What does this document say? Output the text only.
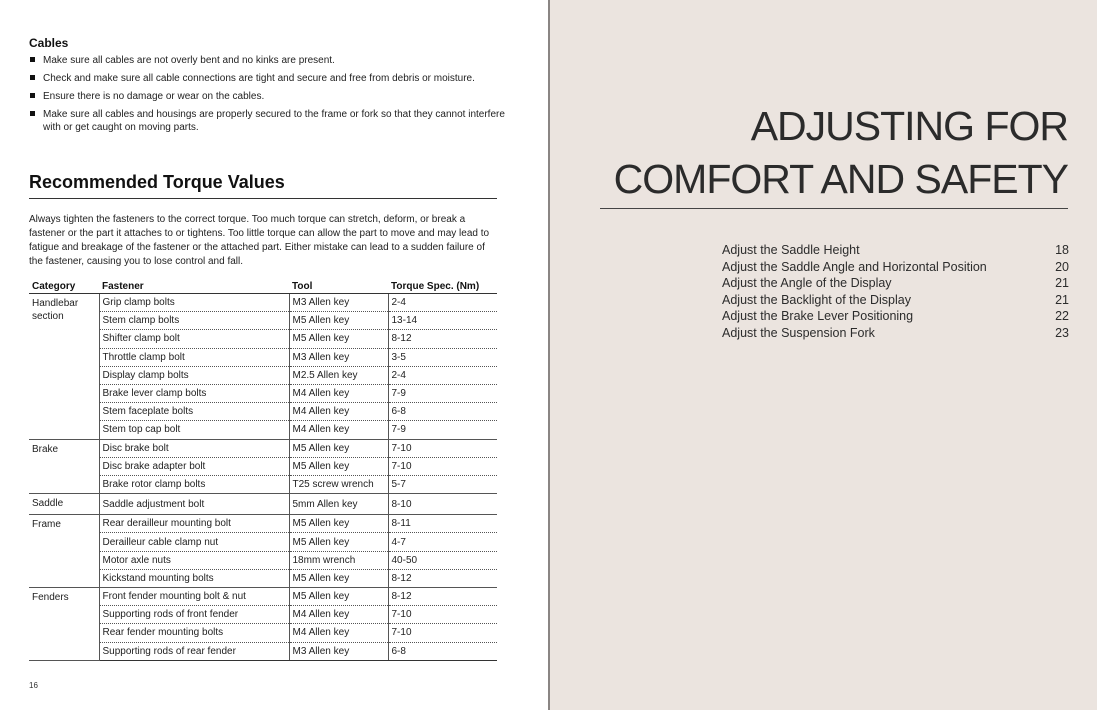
Cables
Make sure all cables are not overly bent and no kinks are present.
Check and make sure all cable connections are tight and secure and free from debris or moisture.
Ensure there is no damage or wear on the cables.
Make sure all cables and housings are properly secured to the frame or fork so that they cannot interfere with or get caught on moving parts.
Recommended Torque Values
Always tighten the fasteners to the correct torque. Too much torque can stretch, deform, or break a fastener or the part it attaches to or tightens. Too little torque can allow the part to move and may lead to fatigue and breakage of the fastener or the attached part. Either mistake can lead to a sudden failure of the fastener, causing you to lose control and fall.
Category	Fastener	Tool	Torque Spec. (Nm)
Handlebar section	Grip clamp bolts	M3 Allen key	2-4
	Stem clamp bolts	M5 Allen key	13-14
	Shifter clamp bolt	M5 Allen key	8-12
	Throttle clamp bolt	M3 Allen key	3-5
	Display clamp bolts	M2.5 Allen key	2-4
	Brake lever clamp bolts	M4 Allen key	7-9
	Stem faceplate bolts	M4 Allen key	6-8
	Stem top cap bolt	M4 Allen key	7-9
Brake	Disc brake bolt	M5 Allen key	7-10
	Disc brake adapter bolt	M5 Allen key	7-10
	Brake rotor clamp bolts	T25 screw wrench	5-7
Saddle	Saddle adjustment bolt	5mm Allen key	8-10
Frame	Rear derailleur mounting bolt	M5 Allen key	8-11
	Derailleur cable clamp nut	M5 Allen key	4-7
	Motor axle nuts	18mm wrench	40-50
	Kickstand mounting bolts	M5 Allen key	8-12
Fenders	Front fender mounting bolt & nut	M5 Allen key	8-12
	Supporting rods of front fender	M4 Allen key	7-10
	Rear fender mounting bolts	M4 Allen key	7-10
	Supporting rods of rear fender	M3 Allen key	6-8
16
ADJUSTING FOR
COMFORT AND SAFETY
Adjust the Saddle Height	18
Adjust the Saddle Angle and Horizontal Position	20
Adjust the Angle of the Display	21
Adjust the Backlight of the Display	21
Adjust the Brake Lever Positioning	22
Adjust the Suspension Fork	23
